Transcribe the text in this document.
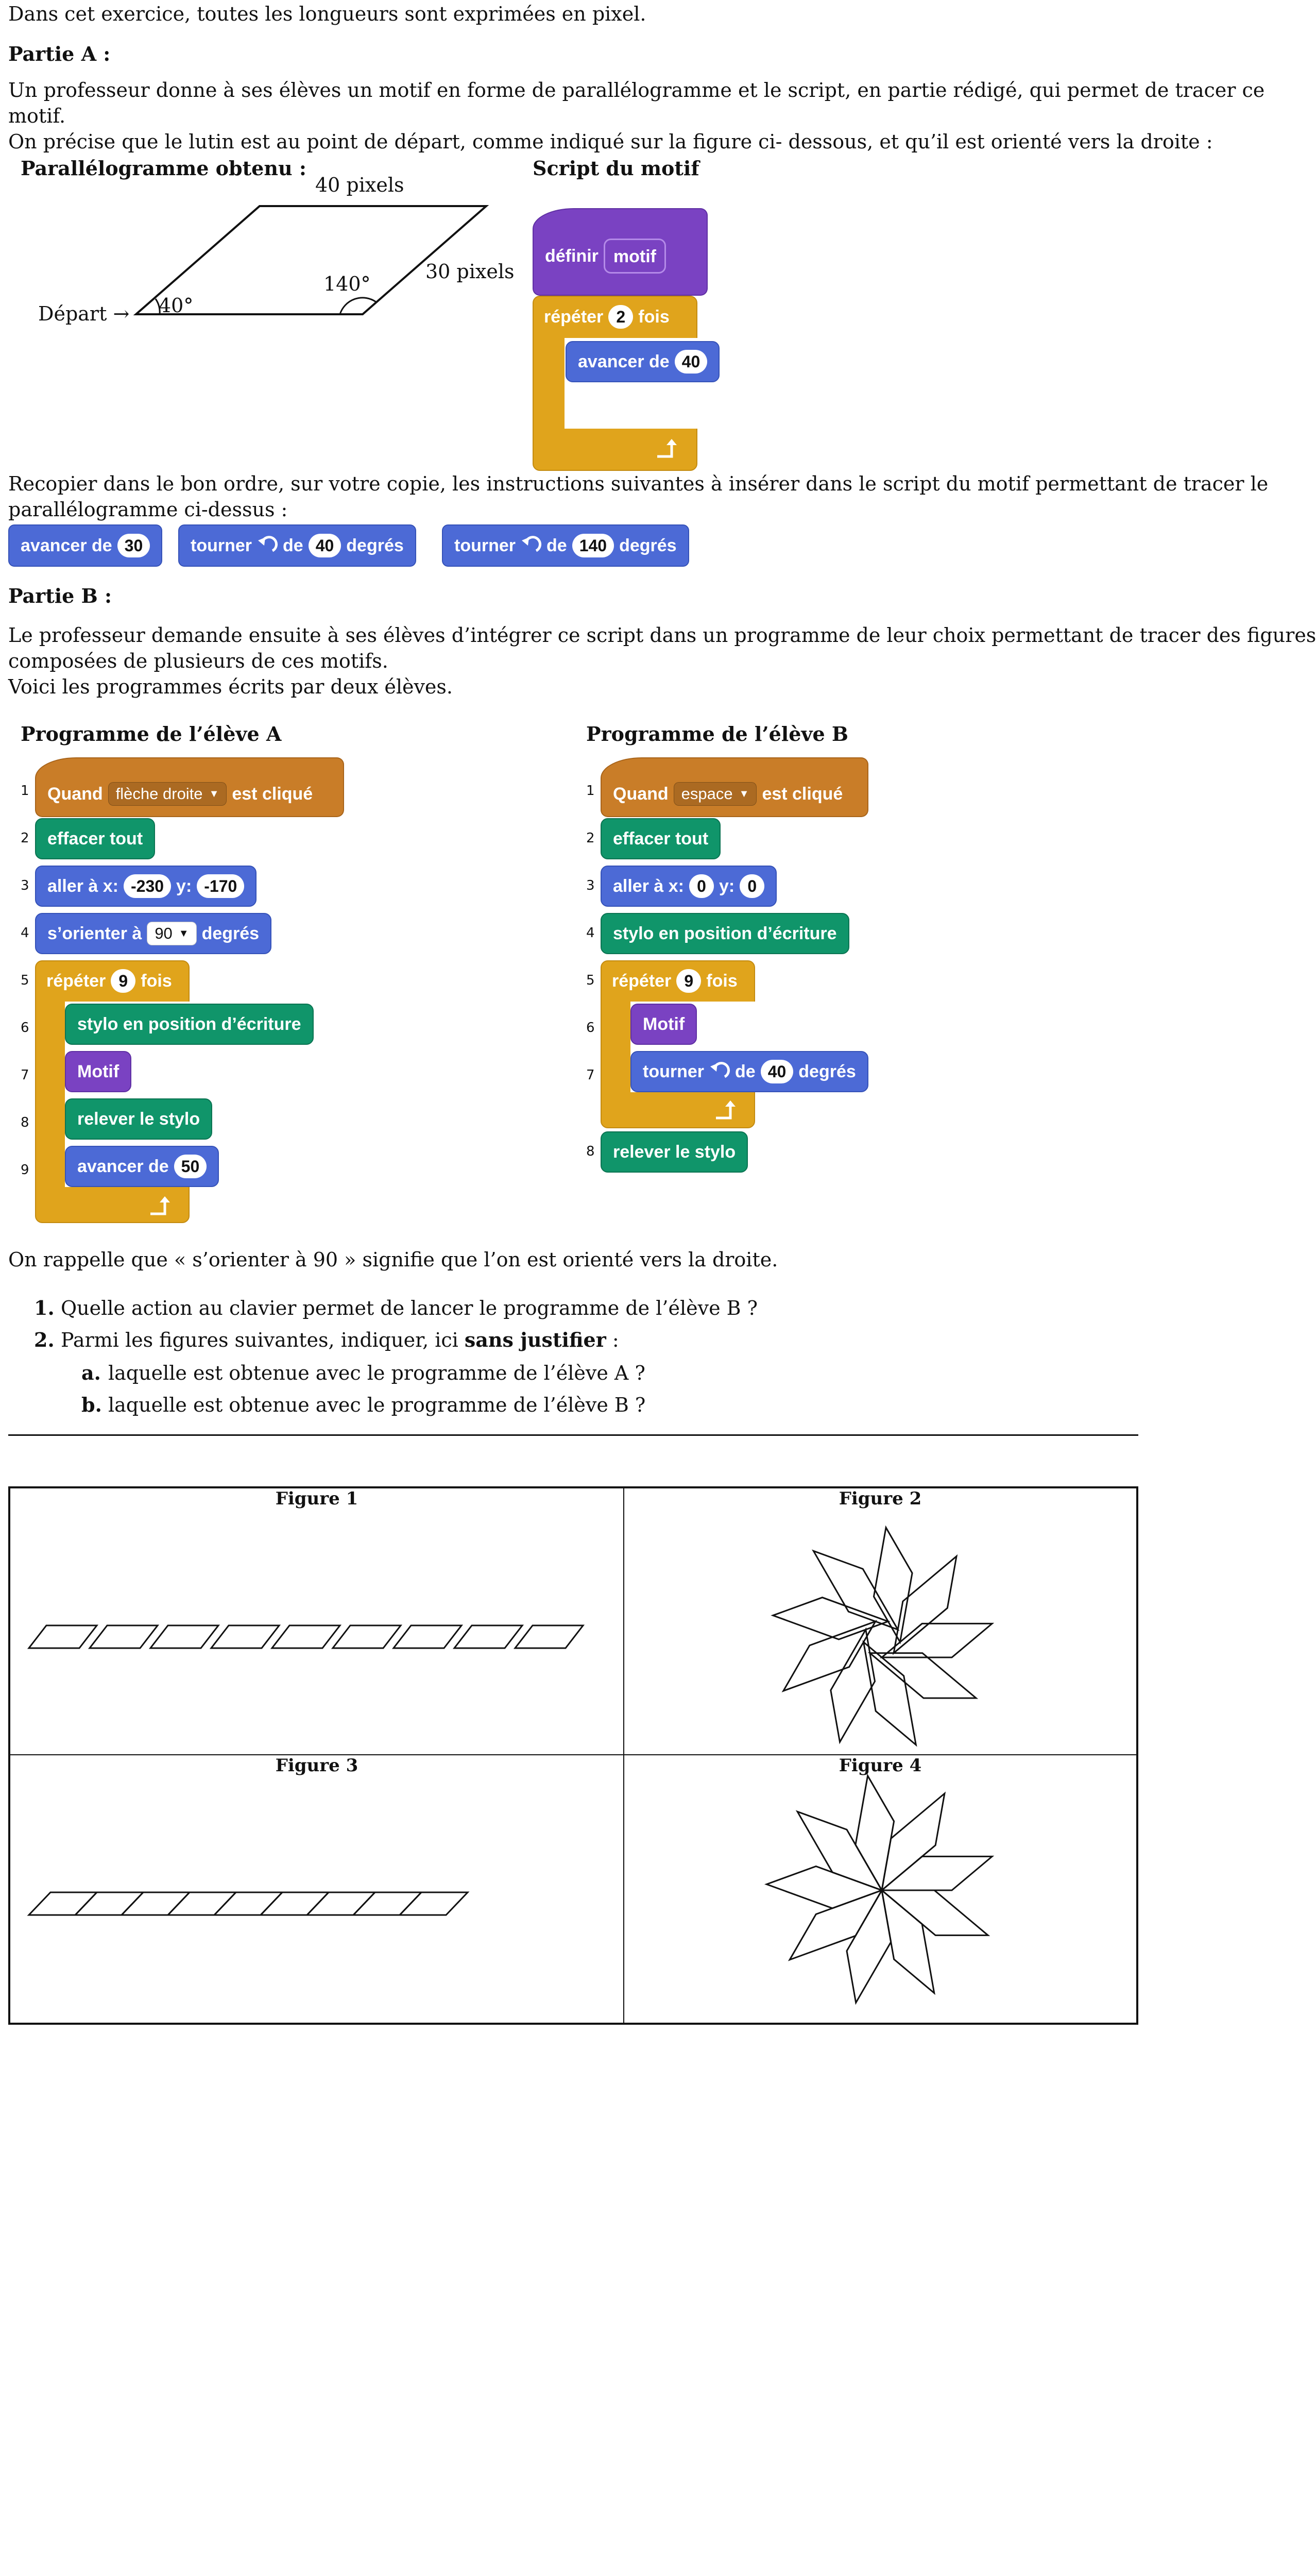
Dans cet exercice, toutes les longueurs sont exprimées en pixel.
Partie A :
Un professeur donne à ses élèves un motif en forme de parallélogramme et le script, en partie rédigé, qui permet de tracer ce
motif.
On précise que le lutin est au point de départ, comme indiqué sur la figure ci- dessous, et qu’il est orienté vers la droite :
Parallélogramme obtenu :
40 pixels
30 pixels
140°
40°
Départ →
Script du motif
définir motif
répéter 2 fois
avancer de 40
Recopier dans le bon ordre, sur votre copie, les instructions suivantes à insérer dans le script du motif permettant de tracer le
parallélogramme ci-dessus :
avancer de 30	tourner de 40 degrés	tourner de 140 degrés
Partie B :
Le professeur demande ensuite à ses élèves d’intégrer ce script dans un programme de leur choix permettant de tracer des figures
composées de plusieurs de ces motifs.
Voici les programmes écrits par deux élèves.
Programme de l’élève A
1
2
3
4
5
6
7
8
9
Quand flèche droite ▼ est cliqué
effacer tout
aller à x: -230 y: -170
s’orienter à 90 ▼ degrés
répéter 9 fois
stylo en position d’écriture
Motif
relever le stylo
avancer de 50
Programme de l’élève B
1
2
3
4
5
6
7
8
Quand espace ▼ est cliqué
effacer tout
aller à x: 0 y: 0
stylo en position d’écriture
répéter 9 fois
Motif
tourner de 40 degrés
relever le stylo
On rappelle que « s’orienter à 90 » signifie que l’on est orienté vers la droite.
1. Quelle action au clavier permet de lancer le programme de l’élève B ?
2. Parmi les figures suivantes, indiquer, ici sans justifier :
a. laquelle est obtenue avec le programme de l’élève A ?
b. laquelle est obtenue avec le programme de l’élève B ?
Figure 1	Figure 2
Figure 3	Figure 4
